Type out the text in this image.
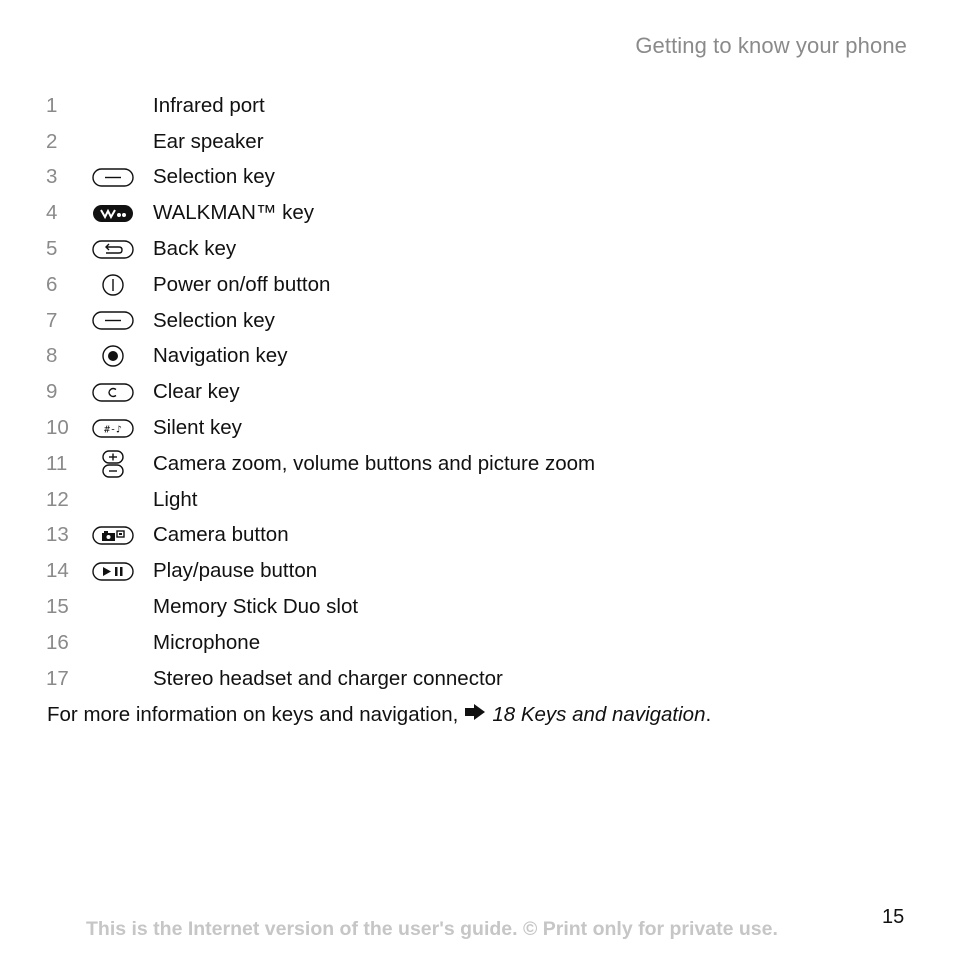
Getting to know your phone
1	Infrared port
2	Ear speaker
3	Selection key
4	WALKMAN™ key
5	Back key
6	Power on/off button
7	Selection key
8	Navigation key
9	Clear key
10	#-♪ Silent key
11	Camera zoom, volume buttons and picture zoom
12	Light
13	Camera button
14	Play/pause button
15	Memory Stick Duo slot
16	Microphone
17	Stereo headset and charger connector
For more information on keys and navigation, 18 Keys and navigation .
This is the Internet version of the user's guide. © Print only for private use.
15
